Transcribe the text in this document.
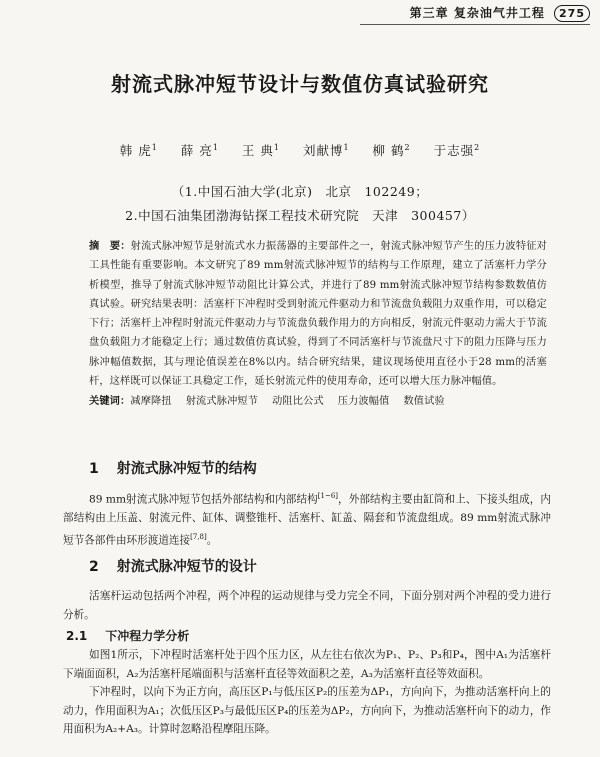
第三章 复杂油气井工程 275
射流式脉冲短节设计与数值仿真试验研究
韩 虎$^1$ 薛 亮$^1$ 王 典$^1$ 刘献博$^1$ 柳 鹤$^2$ 于志强$^2$
（1.中国石油大学(北京)　北京　102249；
2.中国石油集团渤海钻探工程技术研究院　天津　300457）

摘　要：射流式脉冲短节是射流式水力振荡器的主要部件之一，射流式脉冲短节产生的压力波特征对工具性能有重要影响。本文研究了89 mm射流式脉冲短节的结构与工作原理，建立了活塞杆力学分析模型，推导了射流式脉冲短节动阻比计算公式，并进行了89 mm射流式脉冲短节结构参数数值仿真试验。研究结果表明：活塞杆下冲程时受到射流元件驱动力和节流盘负载阻力双重作用，可以稳定下行；活塞杆上冲程时射流元件驱动力与节流盘负载作用力的方向相反，射流元件驱动力需大于节流盘负载阻力才能稳定上行；通过数值仿真试验，得到了不同活塞杆与节流盘尺寸下的阻力压降与压力脉冲幅值数据，其与理论值误差在8%以内。结合研究结果，建议现场使用直径小于28 mm的活塞杆，这样既可以保证工具稳定工作，延长射流元件的使用寿命，还可以增大压力脉冲幅值。

关键词：减摩降扭 射流式脉冲短节 动阻比公式 压力波幅值 数值试验

1 射流式脉冲短节的结构
89 mm射流式脉冲短节包括外部结构和内部结构[1~6]，外部结构主要由缸筒和上、下接头组成，内部结构由上压盖、射流元件、缸体、调整锥杆、活塞杆、缸盖、隔套和节流盘组成。89 mm射流式脉冲短节各部件由环形渡道连接[7,8]。
2 射流式脉冲短节的设计
活塞杆运动包括两个冲程，两个冲程的运动规律与受力完全不同，下面分别对两个冲程的受力进行分析。
2.1 下冲程力学分析

如图1所示，下冲程时活塞杆处于四个压力区，从左往右依次为P₁、P₂、P₃和P₄，图中A₁为活塞杆下端面面积，A₂为活塞杆尾端面积与活塞杆直径等效面积之差，A₃为活塞杆直径等效面积。

下冲程时，以向下为正方向，高压区P₁与低压区P₂的压差为ΔP₁，方向向下，为推动活塞杆向上的动力，作用面积为A₁；次低压区P₃与最低压区P₄的压差为ΔP₂，方向向下，为推动活塞杆向下的动力，作用面积为A₂+A₃。计算时忽略沿程摩阻压降。
